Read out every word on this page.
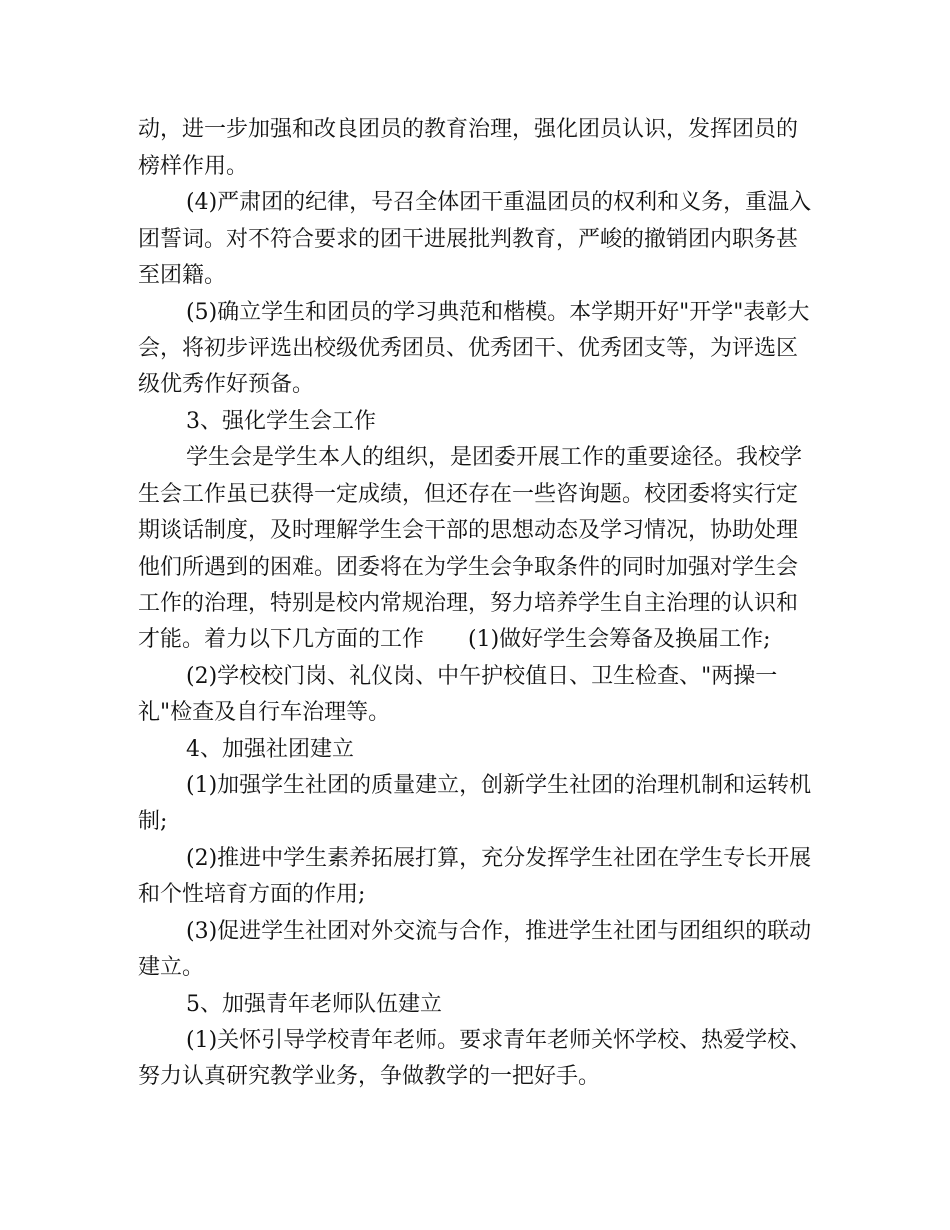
动，进一步加强和改良团员的教育治理，强化团员认识，发挥团员的
榜样作用。
(4)严肃团的纪律，号召全体团干重温团员的权利和义务，重温入
团誓词。对不符合要求的团干进展批判教育，严峻的撤销团内职务甚
至团籍。
(5)确立学生和团员的学习典范和楷模。本学期开好"开学"表彰大
会，将初步评选出校级优秀团员、优秀团干、优秀团支等，为评选区
级优秀作好预备。
3、强化学生会工作
学生会是学生本人的组织，是团委开展工作的重要途径。我校学
生会工作虽已获得一定成绩，但还存在一些咨询题。校团委将实行定
期谈话制度，及时理解学生会干部的思想动态及学习情况，协助处理
他们所遇到的困难。团委将在为学生会争取条件的同时加强对学生会
工作的治理，特别是校内常规治理，努力培养学生自主治理的认识和
才能。着力以下几方面的工作　　(1)做好学生会筹备及换届工作;
(2)学校校门岗、礼仪岗、中午护校值日、卫生检查、"两操一
礼"检查及自行车治理等。
4、加强社团建立
(1)加强学生社团的质量建立，创新学生社团的治理机制和运转机
制;
(2)推进中学生素养拓展打算，充分发挥学生社团在学生专长开展
和个性培育方面的作用;
(3)促进学生社团对外交流与合作，推进学生社团与团组织的联动
建立。
5、加强青年老师队伍建立
(1)关怀引导学校青年老师。要求青年老师关怀学校、热爱学校、
努力认真研究教学业务，争做教学的一把好手。
